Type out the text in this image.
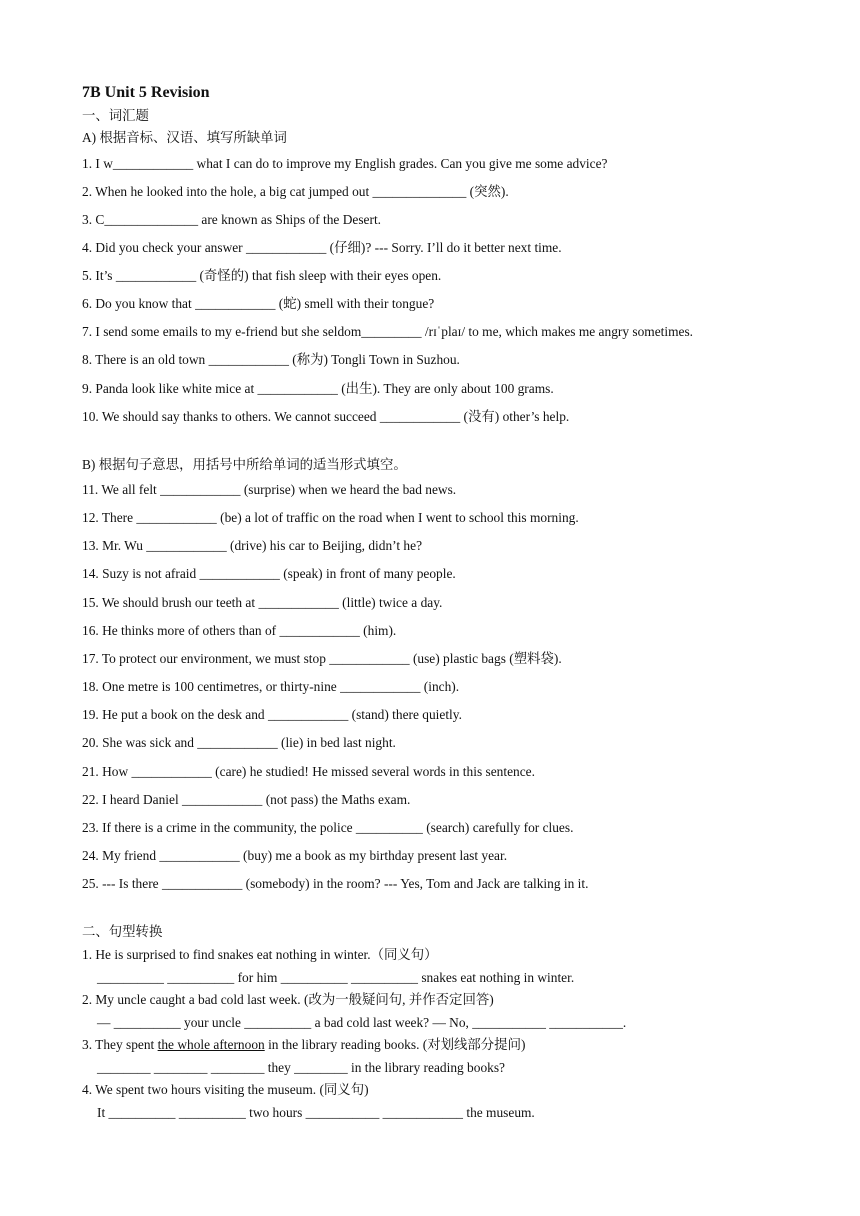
7B Unit 5 Revision
一、词汇题
A) 根据音标、汉语、填写所缺单词
1. I w____________ what I can do to improve my English grades. Can you give me some advice?
2. When he looked into the hole, a big cat jumped out ______________ (突然).
3. C______________ are known as Ships of the Desert.
4. Did you check your answer ____________ (仔细)? --- Sorry. I’ll do it better next time.
5. It’s ____________ (奇怪的) that fish sleep with their eyes open.
6. Do you know that ____________ (蛇) smell with their tongue?
7. I send some emails to my e-friend but she seldom_________ /rɪˈplaɪ/ to me, which makes me angry sometimes.
8. There is an old town ____________ (称为) Tongli Town in Suzhou.
9. Panda look like white mice at ____________ (出生). They are only about 100 grams.
10. We should say thanks to others. We cannot succeed ____________ (没有) other’s help.
B) 根据句子意思，用括号中所给单词的适当形式填空。
11. We all felt ____________ (surprise) when we heard the bad news.
12. There ____________ (be) a lot of traffic on the road when I went to school this morning.
13. Mr. Wu ____________ (drive) his car to Beijing, didn’t he?
14. Suzy is not afraid ____________ (speak) in front of many people.
15. We should brush our teeth at ____________ (little) twice a day.
16. He thinks more of others than of ____________ (him).
17. To protect our environment, we must stop ____________ (use) plastic bags (塑料袋).
18. One metre is 100 centimetres, or thirty-nine ____________ (inch).
19. He put a book on the desk and ____________ (stand) there quietly.
20. She was sick and ____________ (lie) in bed last night.
21. How ____________ (care) he studied! He missed several words in this sentence.
22. I heard Daniel ____________ (not pass) the Maths exam.
23. If there is a crime in the community, the police __________ (search) carefully for clues.
24. My friend ____________ (buy) me a book as my birthday present last year.
25. --- Is there ____________ (somebody) in the room? --- Yes, Tom and Jack are talking in it.
二、句型转换
1. He is surprised to find snakes eat nothing in winter.（同义句）
__________ __________ for him __________ __________ snakes eat nothing in winter.
2. My uncle caught a bad cold last week. (改为一般疑问句, 并作否定回答)
— __________ your uncle __________ a bad cold last week? — No, ___________ ___________.
3. They spent the whole afternoon in the library reading books. (对划线部分提问)
________ ________ ________ they ________ in the library reading books?
4. We spent two hours visiting the museum. (同义句)
It __________ __________ two hours ___________ ____________ the museum.
